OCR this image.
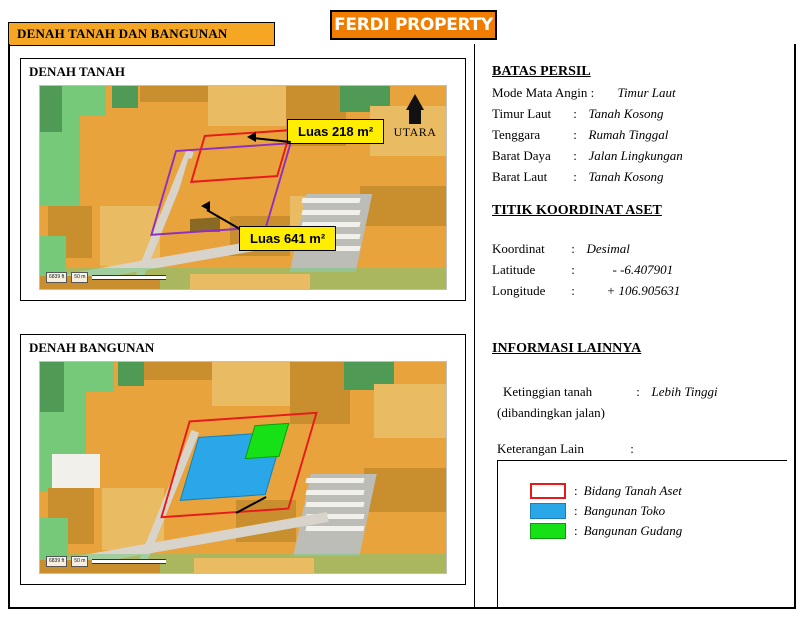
DENAH TANAH DAN BANGUNAN	FERDI PROPERTY
DENAH TANAH
UTARA
6839 ft	50 m
Luas 218 m²
Luas 641 m²
DENAH BANGUNAN
6839 ft	50 m
BATAS PERSIL
Mode Mata Angin : Timur Laut
Timur Laut : Tanah Kosong
Tenggara	: Rumah Tinggal
Barat Daya : Jalan Lingkungan
Barat Laut : Tanah Kosong
TITIK KOORDINAT ASET
Koordinat : Desimal
Latitude	:	- -6.407901
Longitude : + 106.905631
INFORMASI LAINNYA
Ketinggian tanah	: Lebih Tinggi
(dibandingkan jalan)
Keterangan Lain	:
: Bidang Tanah Aset
: Bangunan Toko
: Bangunan Gudang
